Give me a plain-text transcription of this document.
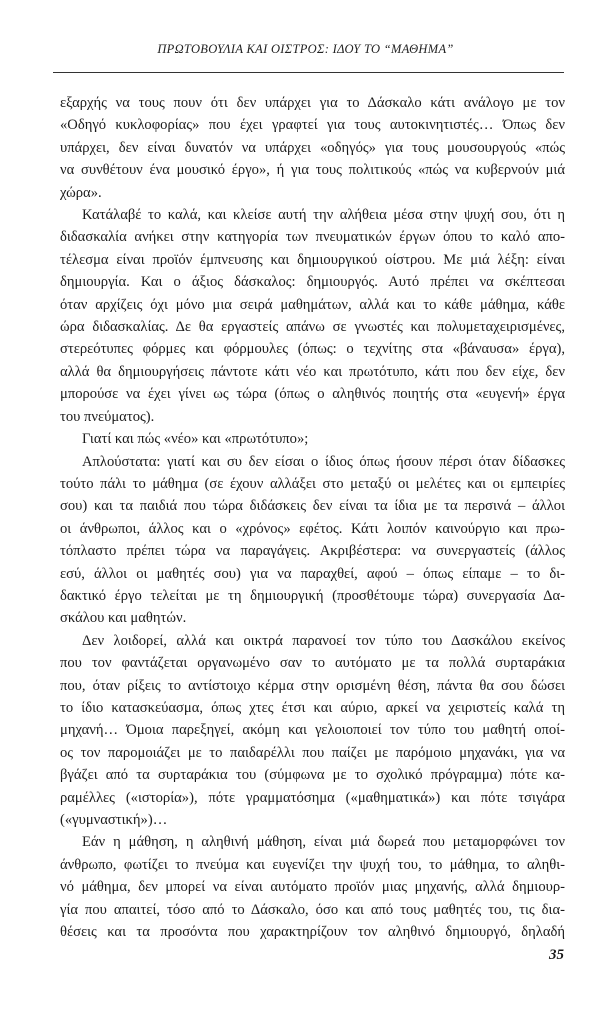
ΠΡΩΤΟΒΟΥΛΙΑ ΚΑΙ ΟΙΣΤΡΟΣ: ΙΔΟΥ ΤΟ “ΜΑΘΗΜΑ”

εξαρχής να τους πουν ότι δεν υπάρχει για το Δάσκαλο κάτι ανάλογο με τον

«Οδηγό κυκλοφορίας» που έχει γραφτεί για τους αυτοκινητιστές… Όπως δεν

υπάρχει, δεν είναι δυνατόν να υπάρχει «οδηγός» για τους μουσουργούς «πώς

να συνθέτουν ένα μουσικό έργο», ή για τους πολιτικούς «πώς να κυβερνούν μιά

χώρα».

Κατάλαβέ το καλά, και κλείσε αυτή την αλήθεια μέσα στην ψυχή σου, ότι η

διδασκαλία ανήκει στην κατηγορία των πνευματικών έργων όπου το καλό απο-

τέλεσμα είναι προϊόν έμπνευσης και δημιουργικού οίστρου. Με μιά λέξη: είναι

δημιουργία. Και ο άξιος δάσκαλος: δημιουργός. Αυτό πρέπει να σκέπτεσαι

όταν αρχίζεις όχι μόνο μια σειρά μαθημάτων, αλλά και το κάθε μάθημα, κάθε

ώρα διδασκαλίας. Δε θα εργαστείς απάνω σε γνωστές και πολυμεταχειρισμένες,

στερεότυπες φόρμες και φόρμουλες (όπως: ο τεχνίτης στα «βάναυσα» έργα),

αλλά θα δημιουργήσεις πάντοτε κάτι νέο και πρωτότυπο, κάτι που δεν είχε, δεν

μπορούσε να έχει γίνει ως τώρα (όπως ο αληθινός ποιητής στα «ευγενή» έργα

του πνεύματος).

Γιατί και πώς «νέο» και «πρωτότυπο»;

Απλούστατα: γιατί και συ δεν είσαι ο ίδιος όπως ήσουν πέρσι όταν δίδασκες

τούτο πάλι το μάθημα (σε έχουν αλλάξει στο μεταξύ οι μελέτες και οι εμπειρίες

σου) και τα παιδιά που τώρα διδάσκεις δεν είναι τα ίδια με τα περσινά – άλλοι

οι άνθρωποι, άλλος και ο «χρόνος» εφέτος. Κάτι λοιπόν καινούργιο και πρω-

τόπλαστο πρέπει τώρα να παραγάγεις. Ακριβέστερα: να συνεργαστείς (άλλος

εσύ, άλλοι οι μαθητές σου) για να παραχθεί, αφού – όπως είπαμε – το δι-

δακτικό έργο τελείται με τη δημιουργική (προσθέτουμε τώρα) συνεργασία Δα-

σκάλου και μαθητών.

Δεν λοιδορεί, αλλά και οικτρά παρανοεί τον τύπο του Δασκάλου εκείνος

που τον φαντάζεται οργανωμένο σαν το αυτόματο με τα πολλά συρταράκια

που, όταν ρίξεις το αντίστοιχο κέρμα στην ορισμένη θέση, πάντα θα σου δώσει

το ίδιο κατασκεύασμα, όπως χτες έτσι και αύριο, αρκεί να χειριστείς καλά τη

μηχανή… Όμοια παρεξηγεί, ακόμη και γελοιοποιεί τον τύπο του μαθητή οποί-

ος τον παρομοιάζει με το παιδαρέλλι που παίζει με παρόμοιο μηχανάκι, για να

βγάζει από τα συρταράκια του (σύμφωνα με το σχολικό πρόγραμμα) πότε κα-

ραμέλλες («ιστορία»), πότε γραμματόσημα («μαθηματικά») και πότε τσιγάρα

(«γυμναστική»)…

Εάν η μάθηση, η αληθινή μάθηση, είναι μιά δωρεά που μεταμορφώνει τον

άνθρωπο, φωτίζει το πνεύμα και ευγενίζει την ψυχή του, το μάθημα, το αληθι-

νό μάθημα, δεν μπορεί να είναι αυτόματο προϊόν μιας μηχανής, αλλά δημιουρ-

γία που απαιτεί, τόσο από το Δάσκαλο, όσο και από τους μαθητές του, τις δια-

θέσεις και τα προσόντα που χαρακτηρίζουν τον αληθινό δημιουργό, δηλαδή

35
